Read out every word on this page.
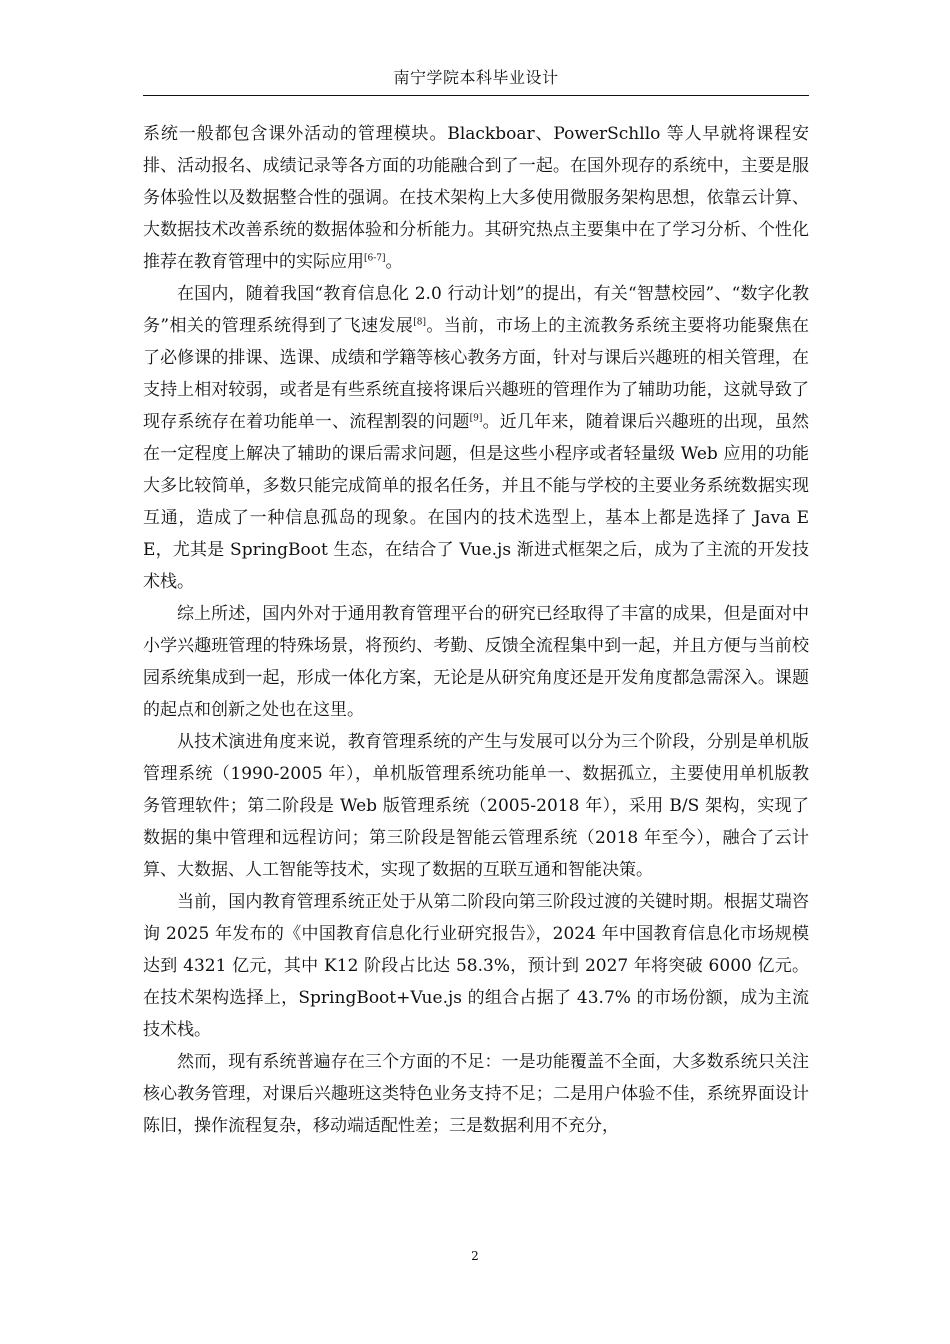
南宁学院本科毕业设计

系统一般都包含课外活动的管理模块。Blackboar、PowerSchllo 等人早就将课程安排、活动报名、成绩记录等各方面的功能融合到了一起。在国外现存的系统中，主要是服务体验性以及数据整合性的强调。在技术架构上大多使用微服务架构思想，依靠云计算、大数据技术改善系统的数据体验和分析能力。其研究热点主要集中在了学习分析、个性化推荐在教育管理中的实际应用[6-7]。

在国内，随着我国“教育信息化 2.0 行动计划”的提出，有关“智慧校园”、“数字化教务”相关的管理系统得到了飞速发展[8]。当前，市场上的主流教务系统主要将功能聚焦在了必修课的排课、选课、成绩和学籍等核心教务方面，针对与课后兴趣班的相关管理，在支持上相对较弱，或者是有些系统直接将课后兴趣班的管理作为了辅助功能，这就导致了现存系统存在着功能单一、流程割裂的问题[9]。近几年来，随着课后兴趣班的出现，虽然在一定程度上解决了辅助的课后需求问题，但是这些小程序或者轻量级 Web 应用的功能大多比较简单，多数只能完成简单的报名任务，并且不能与学校的主要业务系统数据实现互通，造成了一种信息孤岛的现象。在国内的技术选型上，基本上都是选择了 Java EE，尤其是 SpringBoot 生态，在结合了 Vue.js 渐进式框架之后，成为了主流的开发技术栈。

综上所述，国内外对于通用教育管理平台的研究已经取得了丰富的成果，但是面对中小学兴趣班管理的特殊场景，将预约、考勤、反馈全流程集中到一起，并且方便与当前校园系统集成到一起，形成一体化方案，无论是从研究角度还是开发角度都急需深入。课题的起点和创新之处也在这里。

从技术演进角度来说，教育管理系统的产生与发展可以分为三个阶段，分别是单机版管理系统（1990-2005 年），单机版管理系统功能单一、数据孤立，主要使用单机版教务管理软件；第二阶段是 Web 版管理系统（2005-2018 年），采用 B/S 架构，实现了数据的集中管理和远程访问；第三阶段是智能云管理系统（2018 年至今），融合了云计算、大数据、人工智能等技术，实现了数据的互联互通和智能决策。

当前，国内教育管理系统正处于从第二阶段向第三阶段过渡的关键时期。根据艾瑞咨询 2025 年发布的《中国教育信息化行业研究报告》，2024 年中国教育信息化市场规模达到 4321 亿元，其中 K12 阶段占比达 58.3%，预计到 2027 年将突破 6000 亿元。在技术架构选择上，SpringBoot+Vue.js 的组合占据了 43.7% 的市场份额，成为主流技术栈。

然而，现有系统普遍存在三个方面的不足：一是功能覆盖不全面，大多数系统只关注核心教务管理，对课后兴趣班这类特色业务支持不足；二是用户体验不佳，系统界面设计陈旧，操作流程复杂，移动端适配性差；三是数据利用不充分，

2
